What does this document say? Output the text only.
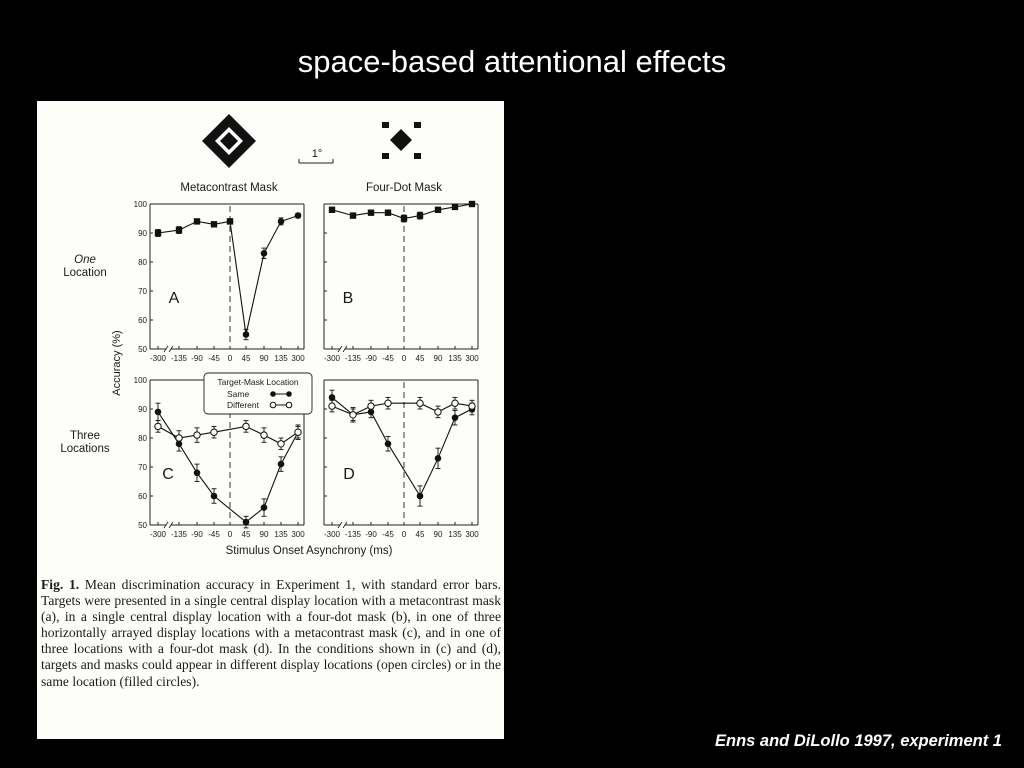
space-based attentional effects
1°
Metacontrast Mask	Four-Dot Mask
One
Location
Three
Locations
Accuracy (%)
Stimulus Onset Asynchrony (ms)
50
60
70
80
90
100
-300 -135 -90 -45 0 45 90 135 300
A
-300 -135 -90 -45 0 45 90 135 300
B
50
60
70
80
90
100
-300 -135 -90 -45 0 45 90 135 300
C
-300 -135 -90 -45 0 45 90 135 300
D
Target-Mask Location
Same
Different
Fig. 1. Mean discrimination accuracy in Experiment 1, with standard error bars. Targets were presented in a single central display location with a metacontrast mask (a), in a single central display location with a four-dot mask (b), in one of three horizontally arrayed display locations with a metacontrast mask (c), and in one of three locations with a four-dot mask (d). In the conditions shown in (c) and (d), targets and masks could appear in different display locations (open circles) or in the same location (filled circles).
Enns and DiLollo 1997, experiment 1
